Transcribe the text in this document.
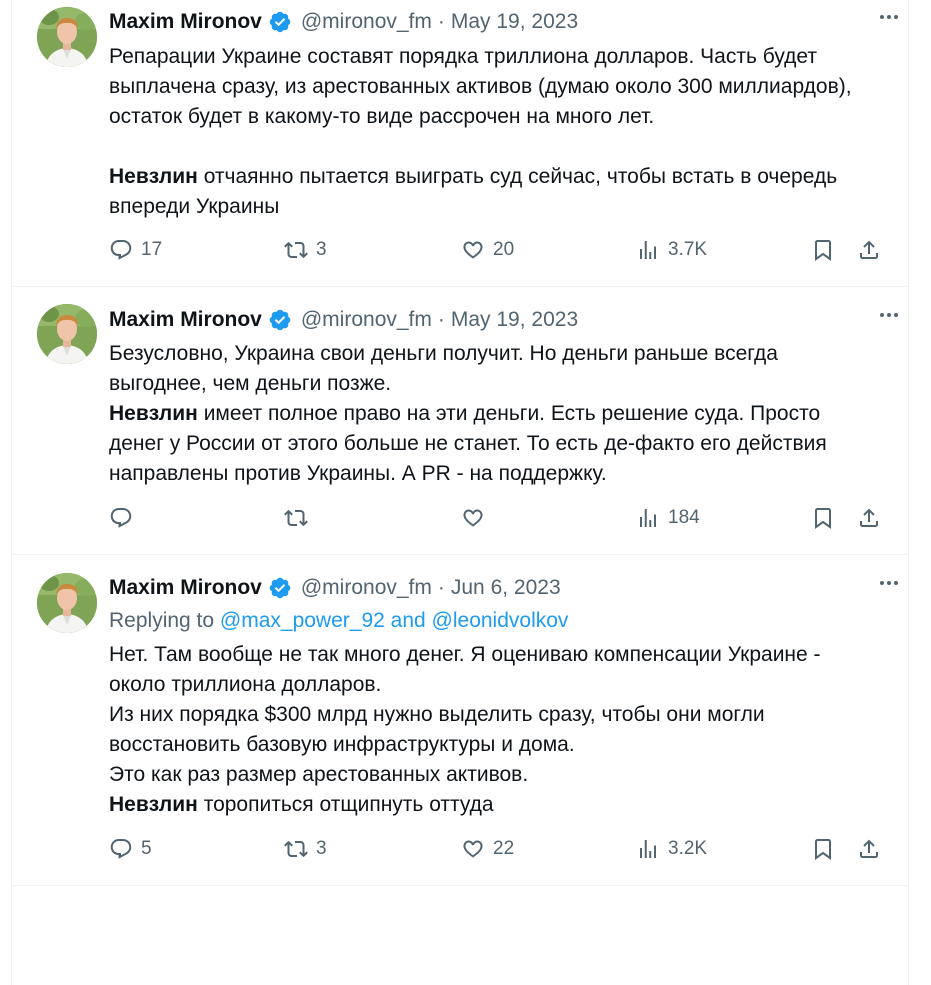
Maxim Mironov @mironov_fm · May 19, 2023

Репарации Украине составят порядка триллиона долларов. Часть будет выплачена сразу, из арестованных активов (думаю около 300 миллиардов), остаток будет в какому-то виде рассрочен на много лет.

Невзлин отчаянно пытается выиграть суд сейчас, чтобы встать в очередь впереди Украины

17	3	20	3.7K
Maxim Mironov @mironov_fm · May 19, 2023

Безусловно, Украина свои деньги получит. Но деньги раньше всегда выгоднее, чем деньги позже.

Невзлин имеет полное право на эти деньги. Есть решение суда. Просто денег у России от этого больше не станет. То есть де-факто его действия направлены против Украины. А PR - на поддержку.

184
Maxim Mironov @mironov_fm · Jun 6, 2023

Replying to @max_power_92 and @leonidvolkov

Нет. Там вообще не так много денег. Я оцениваю компенсации Украине - около триллиона долларов.

Из них порядка $300 млрд нужно выделить сразу, чтобы они могли восстановить базовую инфраструктуры и дома.

Это как раз размер арестованных активов.

Невзлин торопиться отщипнуть оттуда

5	3	22	3.2K
